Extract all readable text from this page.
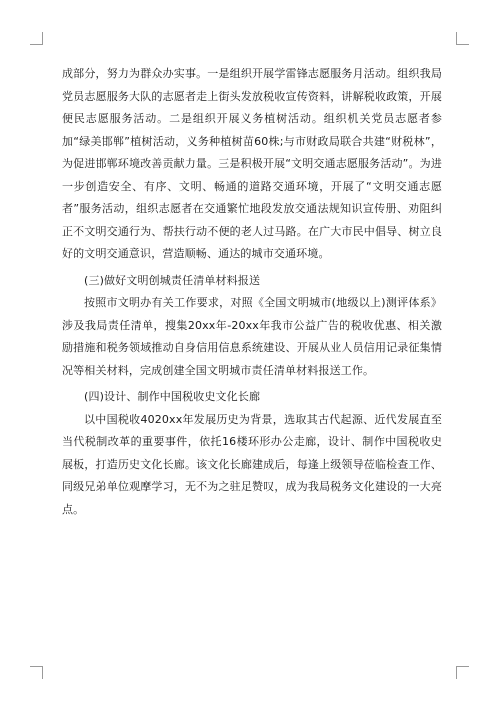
成部分，努力为群众办实事。一是组织开展学雷锋志愿服务月活动。组织我局党员志愿服务大队的志愿者走上街头发放税收宣传资料，讲解税收政策，开展便民志愿服务活动。二是组织开展义务植树活动。组织机关党员志愿者参加“绿美邯郸”植树活动，义务种植树苗60株;与市财政局联合共建“财税林”，为促进邯郸环境改善贡献力量。三是积极开展“文明交通志愿服务活动”。为进一步创造安全、有序、文明、畅通的道路交通环境，开展了“文明交通志愿者”服务活动，组织志愿者在交通繁忙地段发放交通法规知识宣传册、劝阻纠正不文明交通行为、帮扶行动不便的老人过马路。在广大市民中倡导、树立良好的文明交通意识，营造顺畅、通达的城市交通环境。

(三)做好文明创城责任清单材料报送

按照市文明办有关工作要求，对照《全国文明城市(地级以上)测评体系》涉及我局责任清单，搜集20xx年-20xx年我市公益广告的税收优惠、相关激励措施和税务领域推动自身信用信息系统建设、开展从业人员信用记录征集情况等相关材料，完成创建全国文明城市责任清单材料报送工作。

(四)设计、制作中国税收史文化长廊

以中国税收4020xx年发展历史为背景，选取其古代起源、近代发展直至当代税制改革的重要事件，依托16楼环形办公走廊，设计、制作中国税收史展板，打造历史文化长廊。该文化长廊建成后，每逢上级领导莅临检查工作、同级兄弟单位观摩学习，无不为之驻足赞叹，成为我局税务文化建设的一大亮点。
